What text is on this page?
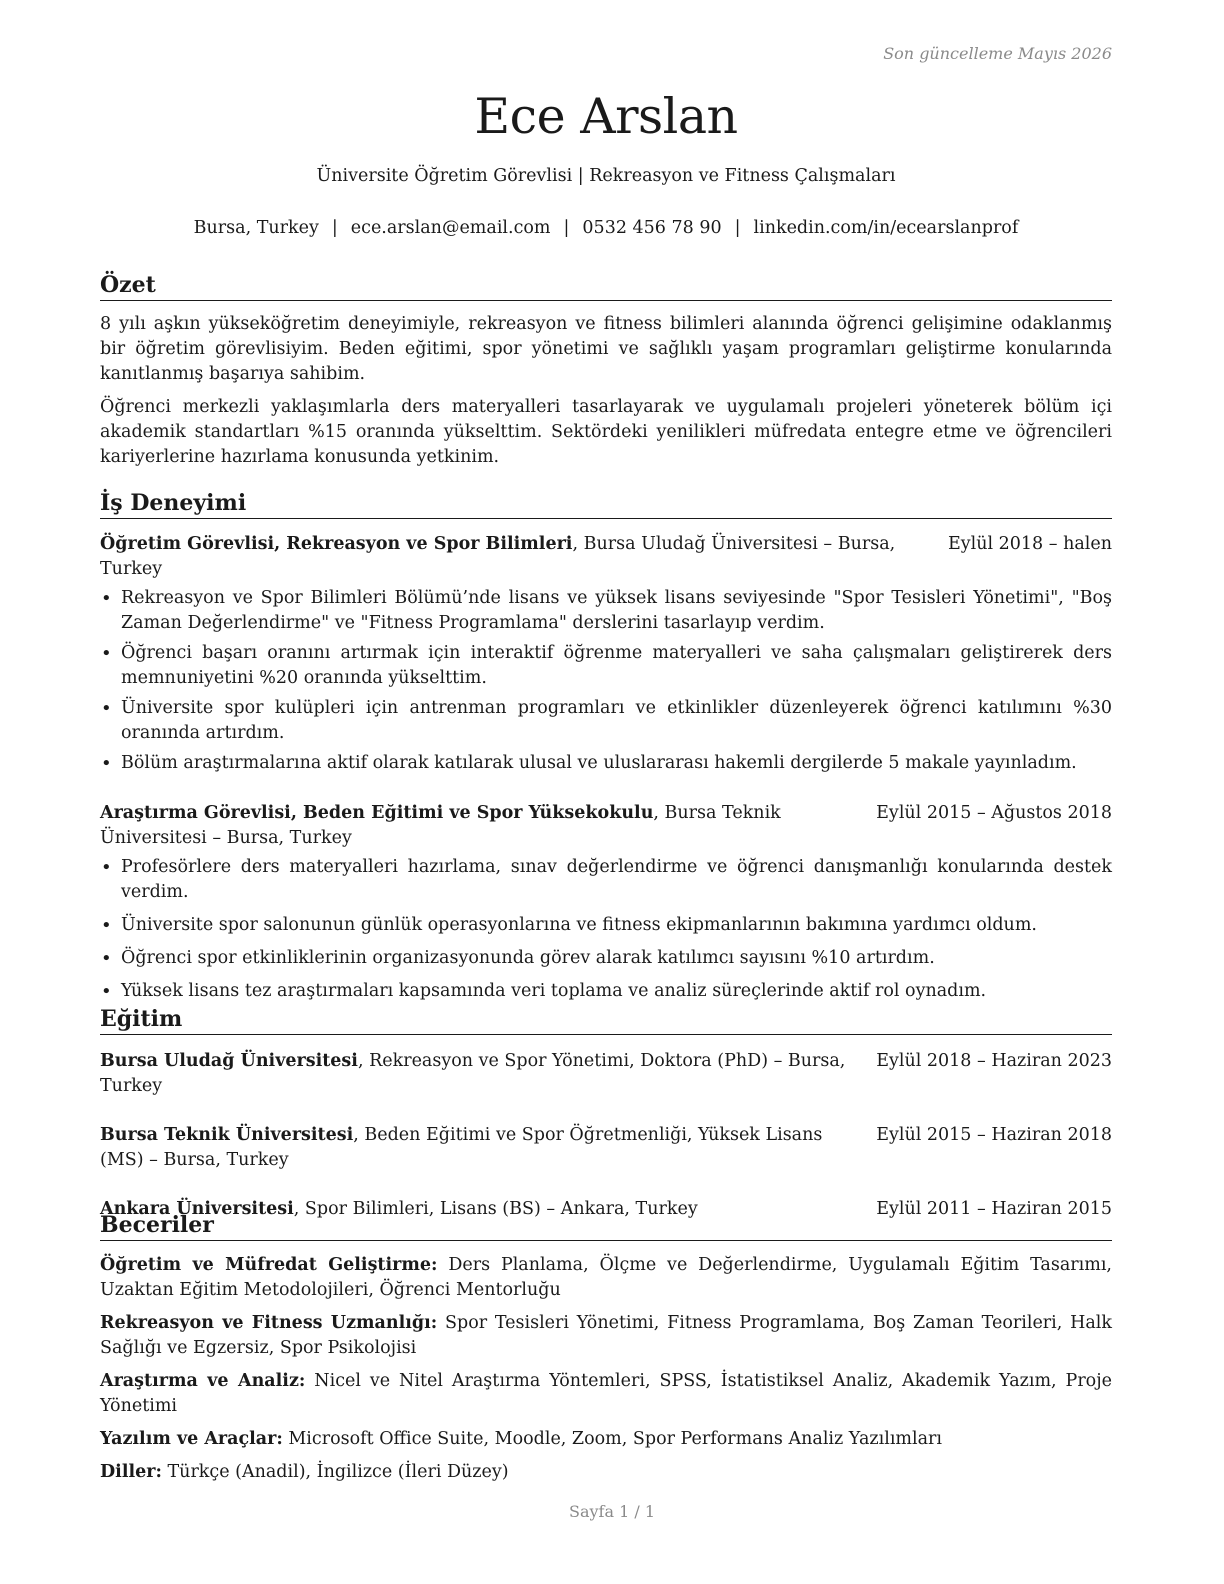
Son güncelleme Mayıs 2026
Ece Arslan
Üniversite Öğretim Görevlisi | Rekreasyon ve Fitness Çalışmaları
Bursa, Turkey | ece.arslan@email.com | 0532 456 78 90 | linkedin.com/in/ecearslanprof
Özet

8 yılı aşkın yükseköğretim deneyimiyle, rekreasyon ve fitness bilimleri alanında öğrenci gelişimine odaklanmış bir öğretim görevlisiyim. Beden eğitimi, spor yönetimi ve sağlıklı yaşam programları geliştirme konularında kanıtlanmış başarıya sahibim.

Öğrenci merkezli yaklaşımlarla ders materyalleri tasarlayarak ve uygulamalı projeleri yöneterek bölüm içi akademik standartları %15 oranında yükselttim. Sektördeki yenilikleri müfredata entegre etme ve öğrencileri kariyerlerine hazırlama konusunda yetkinim.

İş Deneyimi
Öğretim Görevlisi, Rekreasyon ve Spor Bilimleri, Bursa Uludağ Üniversitesi – Bursa, Turkey
Eylül 2018 – halen
• Rekreasyon ve Spor Bilimleri Bölümü’nde lisans ve yüksek lisans seviyesinde "Spor Tesisleri Yönetimi", "Boş Zaman Değerlendirme" ve "Fitness Programlama" derslerini tasarlayıp verdim.
• Öğrenci başarı oranını artırmak için interaktif öğrenme materyalleri ve saha çalışmaları geliştirerek ders memnuniyetini %20 oranında yükselttim.
• Üniversite spor kulüpleri için antrenman programları ve etkinlikler düzenleyerek öğrenci katılımını %30 oranında artırdım.
• Bölüm araştırmalarına aktif olarak katılarak ulusal ve uluslararası hakemli dergilerde 5 makale yayınladım.
Araştırma Görevlisi, Beden Eğitimi ve Spor Yüksekokulu, Bursa Teknik Üniversitesi – Bursa, Turkey
Eylül 2015 – Ağustos 2018
• Profesörlere ders materyalleri hazırlama, sınav değerlendirme ve öğrenci danışmanlığı konularında destek verdim.
• Üniversite spor salonunun günlük operasyonlarına ve fitness ekipmanlarının bakımına yardımcı oldum.
• Öğrenci spor etkinliklerinin organizasyonunda görev alarak katılımcı sayısını %10 artırdım.
• Yüksek lisans tez araştırmaları kapsamında veri toplama ve analiz süreçlerinde aktif rol oynadım.
Eğitim
Bursa Uludağ Üniversitesi, Rekreasyon ve Spor Yönetimi, Doktora (PhD) – Bursa, Turkey
Eylül 2018 – Haziran 2023
Bursa Teknik Üniversitesi, Beden Eğitimi ve Spor Öğretmenliği, Yüksek Lisans (MS) – Bursa, Turkey
Eylül 2015 – Haziran 2018
Ankara Üniversitesi, Spor Bilimleri, Lisans (BS) – Ankara, Turkey	Eylül 2011 – Haziran 2015
Beceriler
Öğretim ve Müfredat Geliştirme: Ders Planlama, Ölçme ve Değerlendirme, Uygulamalı Eğitim Tasarımı, Uzaktan Eğitim Metodolojileri, Öğrenci Mentorluğu
Rekreasyon ve Fitness Uzmanlığı: Spor Tesisleri Yönetimi, Fitness Programlama, Boş Zaman Teorileri, Halk Sağlığı ve Egzersiz, Spor Psikolojisi
Araştırma ve Analiz: Nicel ve Nitel Araştırma Yöntemleri, SPSS, İstatistiksel Analiz, Akademik Yazım, Proje Yönetimi
Yazılım ve Araçlar: Microsoft Office Suite, Moodle, Zoom, Spor Performans Analiz Yazılımları
Diller: Türkçe (Anadil), İngilizce (İleri Düzey)
Sayfa 1 / 1
